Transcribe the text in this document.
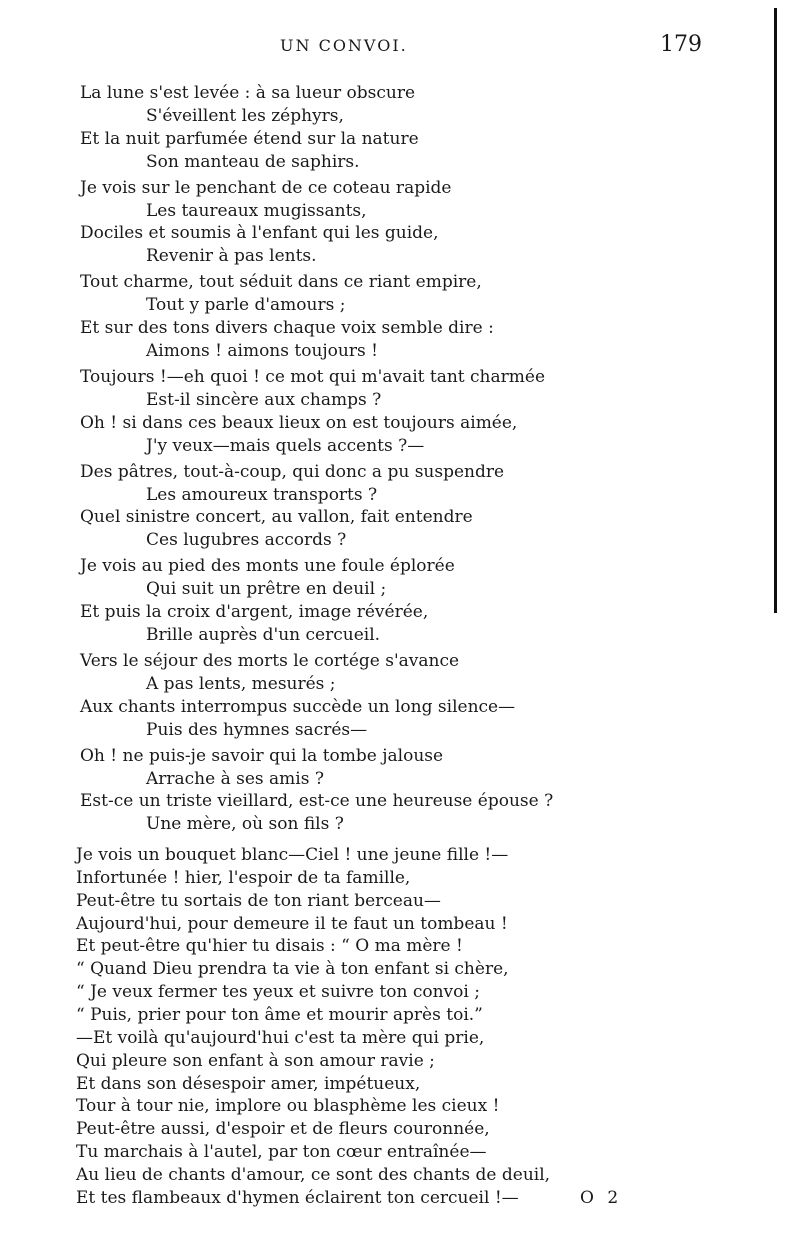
UN CONVOI.	179
La lune s'est levée : à sa lueur obscure
S'éveillent les zéphyrs,
Et la nuit parfumée étend sur la nature
Son manteau de saphirs.
Je vois sur le penchant de ce coteau rapide
Les taureaux mugissants,
Dociles et soumis à l'enfant qui les guide,
Revenir à pas lents.
Tout charme, tout séduit dans ce riant empire,
Tout y parle d'amours ;
Et sur des tons divers chaque voix semble dire :
Aimons ! aimons toujours !
Toujours !—eh quoi ! ce mot qui m'avait tant charmée
Est-il sincère aux champs ?
Oh ! si dans ces beaux lieux on est toujours aimée,
J'y veux—mais quels accents ?—
Des pâtres, tout-à-coup, qui donc a pu suspendre
Les amoureux transports ?
Quel sinistre concert, au vallon, fait entendre
Ces lugubres accords ?
Je vois au pied des monts une foule éplorée
Qui suit un prêtre en deuil ;
Et puis la croix d'argent, image révérée,
Brille auprès d'un cercueil.
Vers le séjour des morts le cortége s'avance
A pas lents, mesurés ;
Aux chants interrompus succède un long silence—
Puis des hymnes sacrés—
Oh ! ne puis-je savoir qui la tombe jalouse
Arrache à ses amis ?
Est-ce un triste vieillard, est-ce une heureuse épouse ?
Une mère, où son fils ?
Je vois un bouquet blanc—Ciel ! une jeune fille !—
Infortunée ! hier, l'espoir de ta famille,
Peut-être tu sortais de ton riant berceau—
Aujourd'hui, pour demeure il te faut un tombeau !
Et peut-être qu'hier tu disais : “ O ma mère !
“ Quand Dieu prendra ta vie à ton enfant si chère,
“ Je veux fermer tes yeux et suivre ton convoi ;
“ Puis, prier pour ton âme et mourir après toi.”
—Et voilà qu'aujourd'hui c'est ta mère qui prie,
Qui pleure son enfant à son amour ravie ;
Et dans son désespoir amer, impétueux,
Tour à tour nie, implore ou blasphème les cieux !
Peut-être aussi, d'espoir et de fleurs couronnée,
Tu marchais à l'autel, par ton cœur entraînée—
Au lieu de chants d'amour, ce sont des chants de deuil,
Et tes flambeaux d'hymen éclairent ton cercueil !—	O 2
